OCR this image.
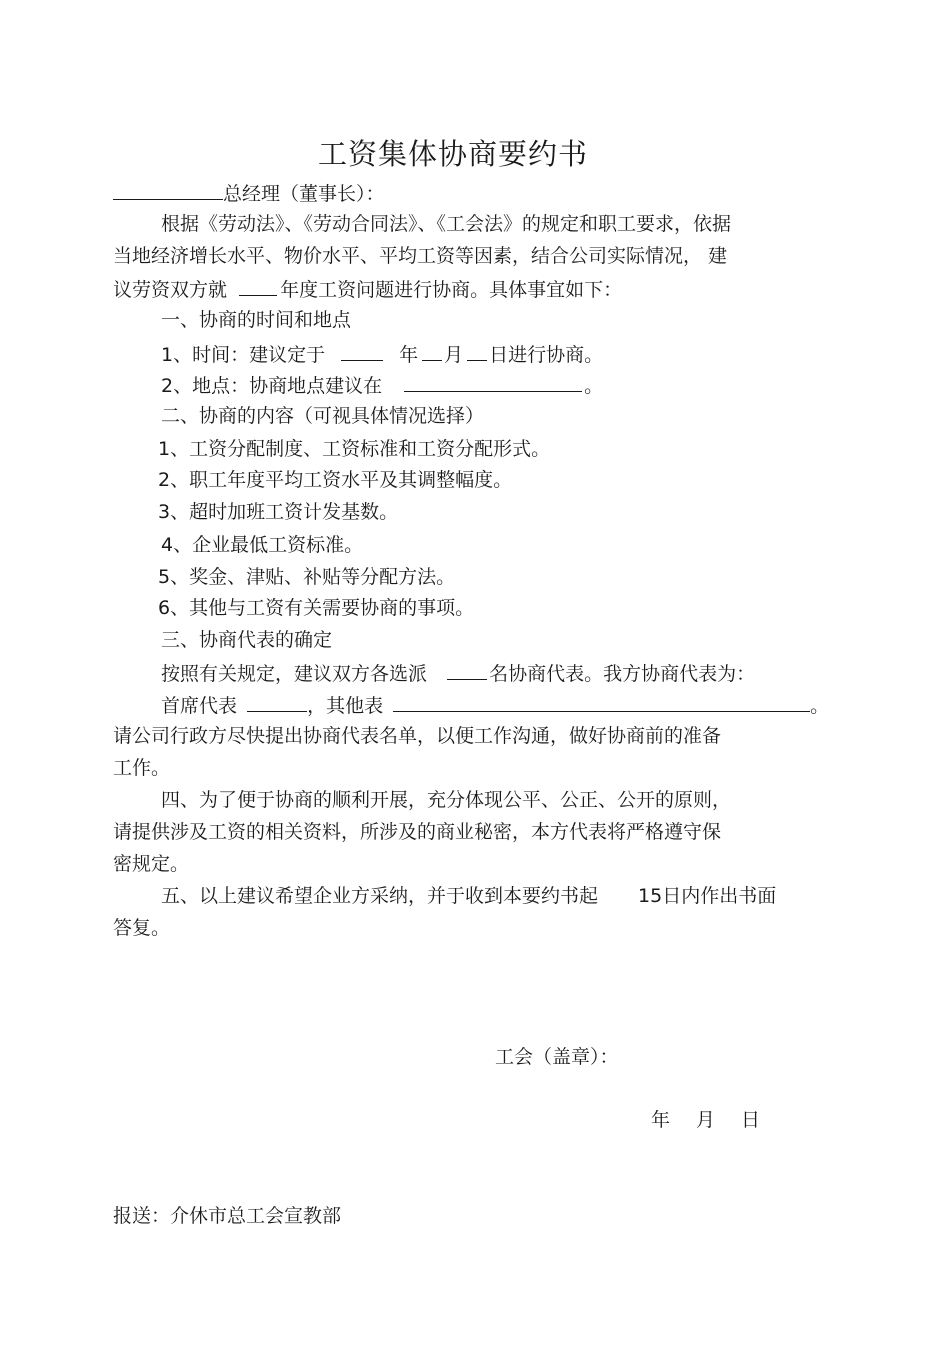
工资集体协商要约书
总经理（董事长）：
根据《劳动法》、《劳动合同法》、《工会法》的规定和职工要求，依据
当地经济增长水平、物价水平、平均工资等因素，结合公司实际情况， 建
议劳资双方就	年度工资问题进行协商。具体事宜如下：
一、协商的时间和地点
1、时间：建议定于	年 月 日进行协商。
2、地点：协商地点建议在	。
二、协商的内容（可视具体情况选择）
1、工资分配制度、工资标准和工资分配形式。
2、职工年度平均工资水平及其调整幅度。
3、超时加班工资计发基数。
4、企业最低工资标准。
5、奖金、津贴、补贴等分配方法。
6、其他与工资有关需要协商的事项。
三、协商代表的确定
按照有关规定，建议双方各选派	名协商代表。我方协商代表为：
首席代表	，其他表	。
请公司行政方尽快提出协商代表名单，以便工作沟通，做好协商前的准备
工作。
四、为了便于协商的顺利开展，充分体现公平、公正、公开的原则，
请提供涉及工资的相关资料，所涉及的商业秘密，本方代表将严格遵守保
密规定。
五、以上建议希望企业方采纳，并于收到本要约书起 15日内作出书面
答复。
工会（盖章）：
年 月 日
报送：介休市总工会宣教部
